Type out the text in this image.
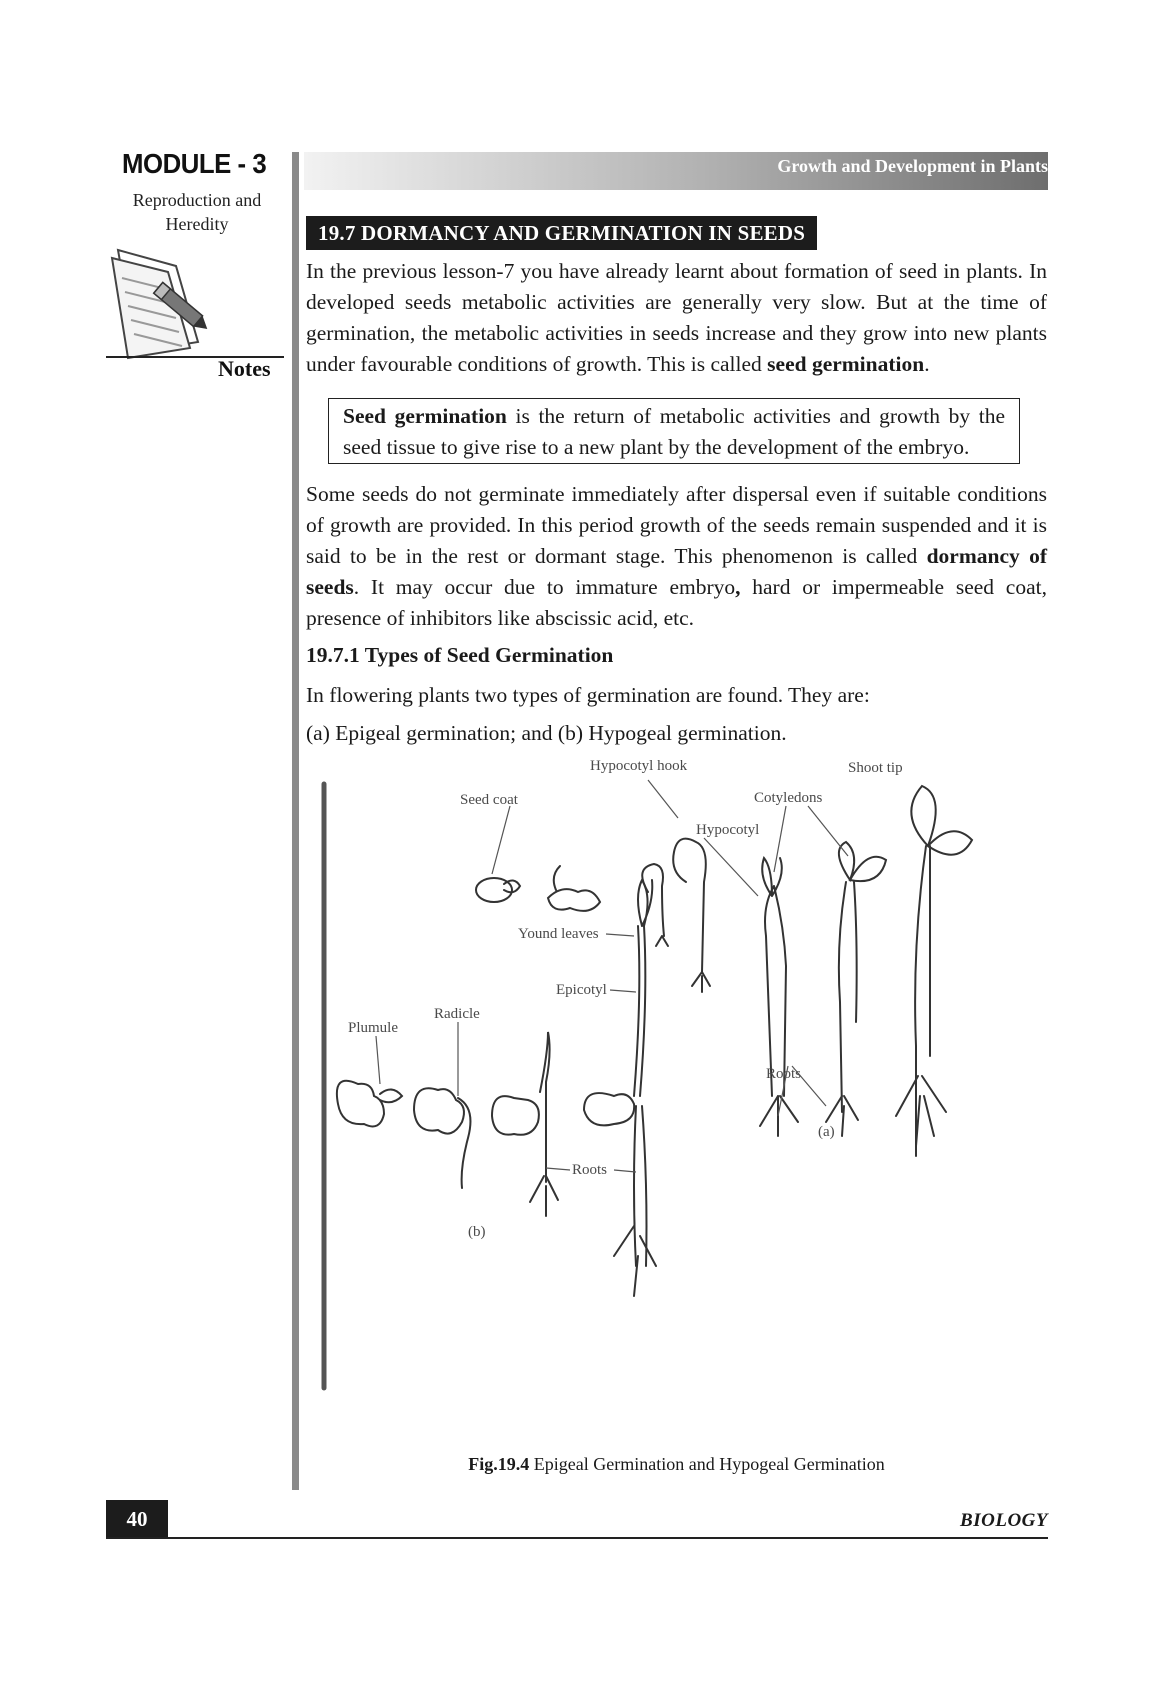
MODULE - 3
Reproduction and Heredity
Notes
Growth and Development in Plants
19.7 DORMANCY AND GERMINATION IN SEEDS
In the previous lesson-7 you have already learnt about formation of seed in plants. In developed seeds metabolic activities are generally very slow. But at the time of germination, the metabolic activities in seeds increase and they grow into new plants under favourable conditions of growth. This is called seed germination.
Seed germination is the return of metabolic activities and growth by the seed tissue to give rise to a new plant by the development of the embryo.
Some seeds do not germinate immediately after dispersal even if suitable conditions of growth are provided. In this period growth of the seeds remain suspended and it is said to be in the rest or dormant stage. This phenomenon is called dormancy of seeds. It may occur due to immature embryo, hard or impermeable seed coat, presence of inhibitors like abscissic acid, etc.
19.7.1 Types of Seed Germination
In flowering plants two types of germination are found. They are:
(a) Epigeal germination; and (b) Hypogeal germination.
Shoot tip
Hypocotyl hook
Seed coat	Cotyledons
Hypocotyl
Yound leaves
Epicotyl
Radicle
Plumule
Roots
Roots
(a)
(b)
Fig.19.4 Epigeal Germination and Hypogeal Germination
40	BIOLOGY
